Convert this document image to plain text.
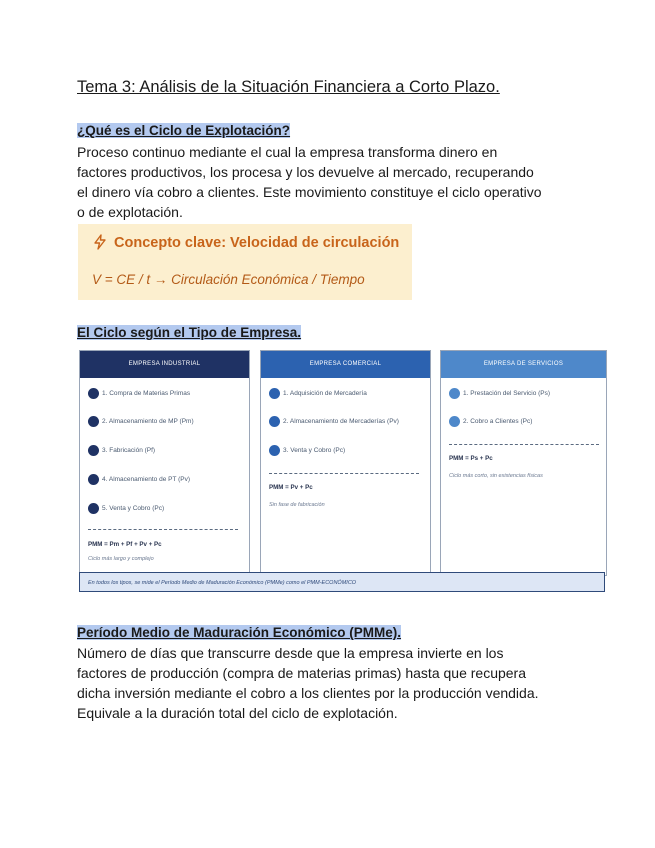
Tema 3: Análisis de la Situación Financiera a Corto Plazo.
¿Qué es el Ciclo de Explotación?

Proceso continuo mediante el cual la empresa transforma dinero en

factores productivos, los procesa y los devuelve al mercado, recuperando

el dinero vía cobro a clientes. Este movimiento constituye el ciclo operativo

o de explotación.

Concepto clave: Velocidad de circulación
V = CE / t → Circulación Económica / Tiempo
El Ciclo según el Tipo de Empresa.
EMPRESA INDUSTRIAL
1. Compra de Materias Primas
2. Almacenamiento de MP (Pm)
3. Fabricación (Pf)
4. Almacenamiento de PT (Pv)
5. Venta y Cobro (Pc)
PMM = Pm + Pf + Pv + Pc
Ciclo más largo y complejo
EMPRESA COMERCIAL
1. Adquisición de Mercadería
2. Almacenamiento de Mercaderías (Pv)
3. Venta y Cobro (Pc)
PMM = Pv + Pc
Sin fase de fabricación
EMPRESA DE SERVICIOS
1. Prestación del Servicio (Ps)
2. Cobro a Clientes (Pc)
PMM = Ps + Pc
Ciclo más corto, sin existencias físicas
En todos los tipos, se mide el Período Medio de Maduración Económico (PMMe) como el PMM-ECONÓMICO
Período Medio de Maduración Económico (PMMe).

Número de días que transcurre desde que la empresa invierte en los

factores de producción (compra de materias primas) hasta que recupera

dicha inversión mediante el cobro a los clientes por la producción vendida.

Equivale a la duración total del ciclo de explotación.
